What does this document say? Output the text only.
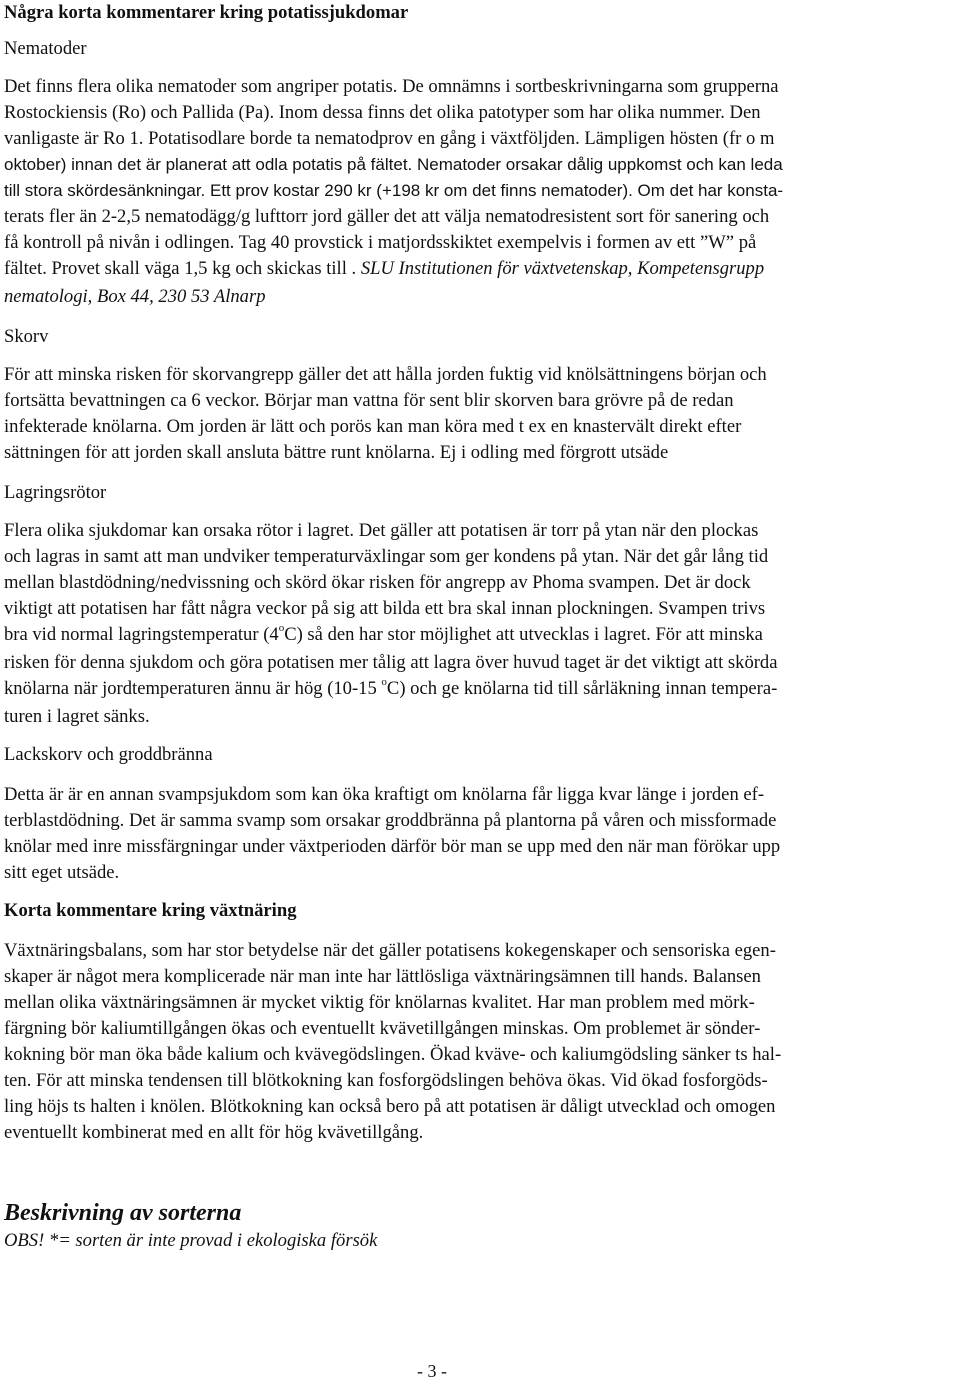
Några korta kommentarer kring potatissjukdomar
Nematoder
Det finns flera olika nematoder som angriper potatis. De omnämns i sortbeskrivningarna som grupperna
Rostockiensis (Ro) och Pallida (Pa). Inom dessa finns det olika patotyper som har olika nummer. Den
vanligaste är Ro 1. Potatisodlare borde ta nematodprov en gång i växtföljden. Lämpligen hösten (fr o m
oktober) innan det är planerat att odla potatis på fältet. Nematoder orsakar dålig uppkomst och kan leda
till stora skördesänkningar. Ett prov kostar 290 kr (+198 kr om det finns nematoder). Om det har konsta-
terats fler än 2-2,5 nematodägg/g lufttorr jord gäller det att välja nematodresistent sort för sanering och
få kontroll på nivån i odlingen. Tag 40 provstick i matjordsskiktet exempelvis i formen av ett ”W” på
fältet. Provet skall väga 1,5 kg och skickas till . SLU Institutionen för växtvetenskap, Kompetensgrupp
nematologi, Box 44, 230 53 Alnarp
Skorv
För att minska risken för skorvangrepp gäller det att hålla jorden fuktig vid knölsättningens början och
fortsätta bevattningen ca 6 veckor. Börjar man vattna för sent blir skorven bara grövre på de redan
infekterade knölarna. Om jorden är lätt och porös kan man köra med t ex en knastervält direkt efter
sättningen för att jorden skall ansluta bättre runt knölarna. Ej i odling med förgrott utsäde
Lagringsrötor
Flera olika sjukdomar kan orsaka rötor i lagret. Det gäller att potatisen är torr på ytan när den plockas
och lagras in samt att man undviker temperaturväxlingar som ger kondens på ytan. När det går lång tid
mellan blastdödning/nedvissning och skörd ökar risken för angrepp av Phoma svampen. Det är dock
viktigt att potatisen har fått några veckor på sig att bilda ett bra skal innan plockningen. Svampen trivs
bra vid normal lagringstemperatur (4$^o$C) så den har stor möjlighet att utvecklas i lagret. För att minska
risken för denna sjukdom och göra potatisen mer tålig att lagra över huvud taget är det viktigt att skörda
knölarna när jordtemperaturen ännu är hög (10-15 $^o$C) och ge knölarna tid till sårläkning innan tempera-
turen i lagret sänks.
Lackskorv och groddbränna
Detta är är en annan svampsjukdom som kan öka kraftigt om knölarna får ligga kvar länge i jorden ef-
terblastdödning. Det är samma svamp som orsakar groddbränna på plantorna på våren och missformade
knölar med inre missfärgningar under växtperioden därför bör man se upp med den när man förökar upp
sitt eget utsäde.
Korta kommentare kring växtnäring
Växtnäringsbalans, som har stor betydelse när det gäller potatisens kokegenskaper och sensoriska egen-
skaper är något mera komplicerade när man inte har lättlösliga växtnäringsämnen till hands. Balansen
mellan olika växtnäringsämnen är mycket viktig för knölarnas kvalitet. Har man problem med mörk-
färgning bör kaliumtillgången ökas och eventuellt kvävetillgången minskas. Om problemet är sönder-
kokning bör man öka både kalium och kvävegödslingen. Ökad kväve- och kaliumgödsling sänker ts hal-
ten. För att minska tendensen till blötkokning kan fosforgödslingen behöva ökas. Vid ökad fosforgöds-
ling höjs ts halten i knölen. Blötkokning kan också bero på att potatisen är dåligt utvecklad och omogen
eventuellt kombinerat med en allt för hög kvävetillgång.
Beskrivning av sorterna
OBS! *= sorten är inte provad i ekologiska försök
- 3 -
